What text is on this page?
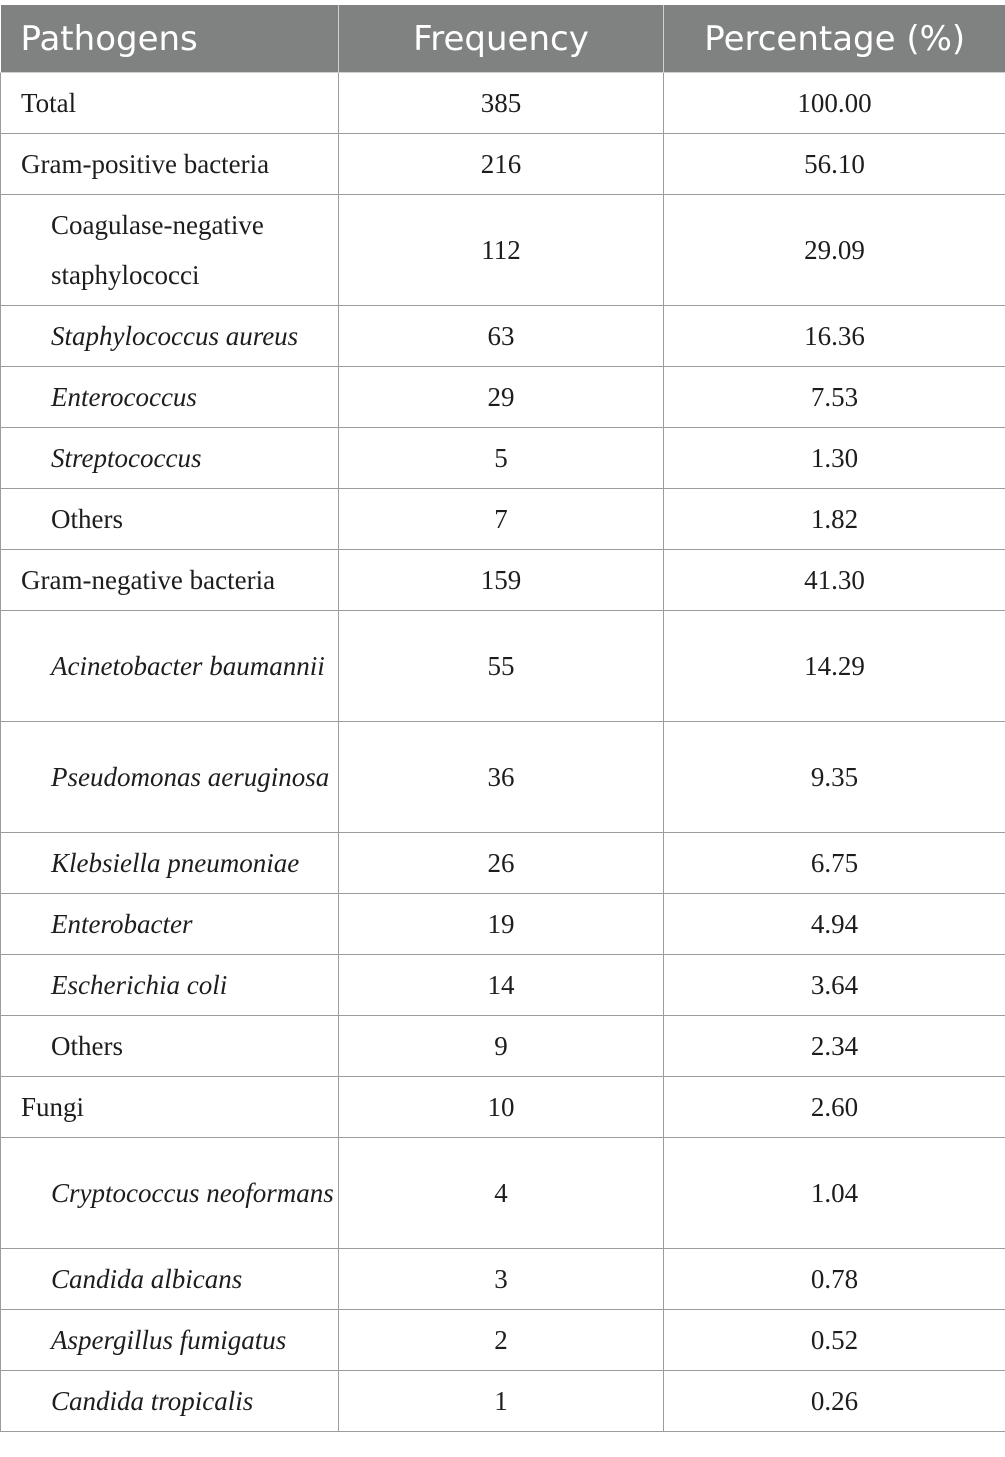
Pathogens	Frequency	Percentage (%)
Total	385	100.00
Gram-positive bacteria	216	56.10
Coagulase-negative staphylococci	112	29.09
Staphylococcus aureus	63	16.36
Enterococcus	29	7.53
Streptococcus	5	1.30
Others	7	1.82
Gram-negative bacteria	159	41.30
Acinetobacter baumannii	55	14.29
Pseudomonas aeruginosa	36	9.35
Klebsiella pneumoniae	26	6.75
Enterobacter	19	4.94
Escherichia coli	14	3.64
Others	9	2.34
Fungi	10	2.60
Cryptococcus neoformans	4	1.04
Candida albicans	3	0.78
Aspergillus fumigatus	2	0.52
Candida tropicalis	1	0.26
